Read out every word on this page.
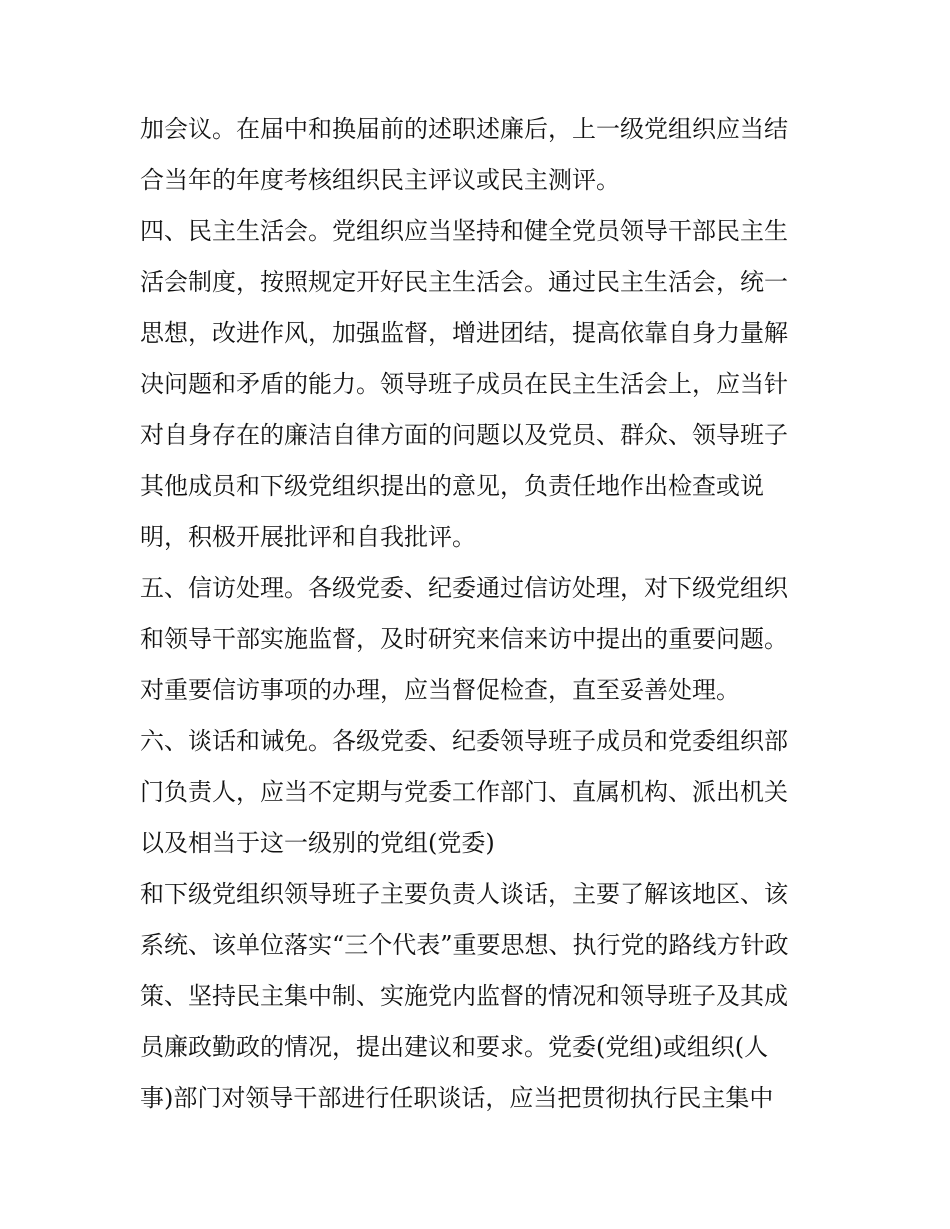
加会议。在届中和换届前的述职述廉后，上一级党组织应当结
合当年的年度考核组织民主评议或民主测评。
四、民主生活会。党组织应当坚持和健全党员领导干部民主生
活会制度，按照规定开好民主生活会。通过民主生活会，统一
思想，改进作风，加强监督，增进团结，提高依靠自身力量解
决问题和矛盾的能力。领导班子成员在民主生活会上，应当针
对自身存在的廉洁自律方面的问题以及党员、群众、领导班子
其他成员和下级党组织提出的意见，负责任地作出检查或说
明，积极开展批评和自我批评。
五、信访处理。各级党委、纪委通过信访处理，对下级党组织
和领导干部实施监督，及时研究来信来访中提出的重要问题。
对重要信访事项的办理，应当督促检查，直至妥善处理。
六、谈话和诫免。各级党委、纪委领导班子成员和党委组织部
门负责人，应当不定期与党委工作部门、直属机构、派出机关
以及相当于这一级别的党组(党委)
和下级党组织领导班子主要负责人谈话，主要了解该地区、该
系统、该单位落实“三个代表”重要思想、执行党的路线方针政
策、坚持民主集中制、实施党内监督的情况和领导班子及其成
员廉政勤政的情况，提出建议和要求。党委(党组)或组织(人
事)部门对领导干部进行任职谈话，应当把贯彻执行民主集中
